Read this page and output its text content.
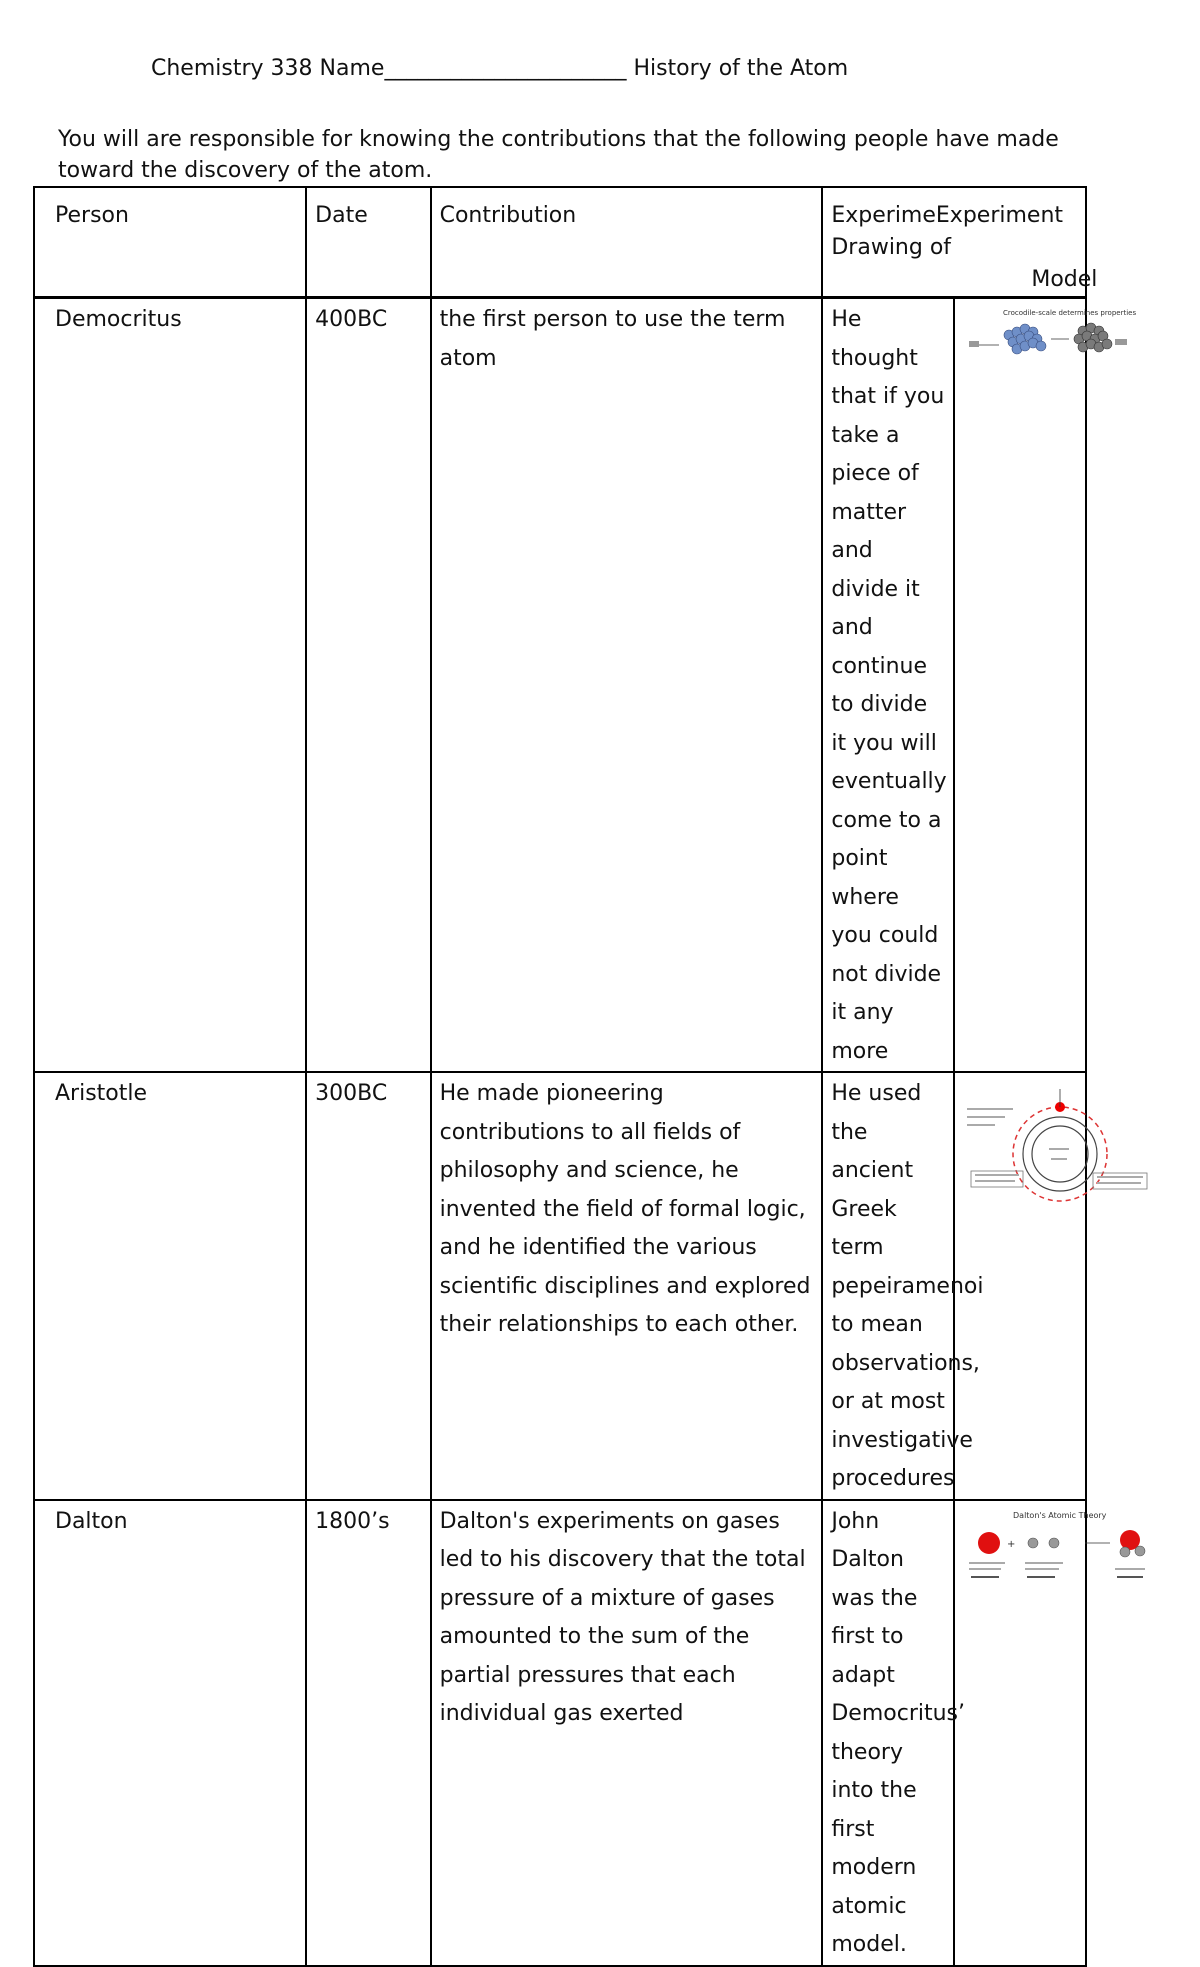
Chemistry 338 Name______________________ History of the Atom
You will are responsible for knowing the contributions that the following people have made toward the discovery of the atom.
Person	Date	Contribution	ExperimeExperiment Drawing of
Model	

Democritus	400BC	the first person to use the term atom	He thought that if you take a piece of matter and divide it and continue to divide it you will eventually come to a point where you could not divide it any more	Crocodile-scale determines properties

Aristotle	300BC	He made pioneering contributions to all fields of philosophy and science, he invented the field of formal logic, and he identified the various scientific disciplines and explored their relationships to each other.	He used the ancient Greek term pepeiramenoi to mean observations, or at most investigative procedures	
Dalton	1800’s	Dalton's experiments on gases led to his discovery that the total pressure of a mixture of gases amounted to the sum of the partial pressures that each individual gas exerted	John Dalton was the first to adapt Democritus’ theory into the first modern atomic model.	Dalton's Atomic Theory
+
